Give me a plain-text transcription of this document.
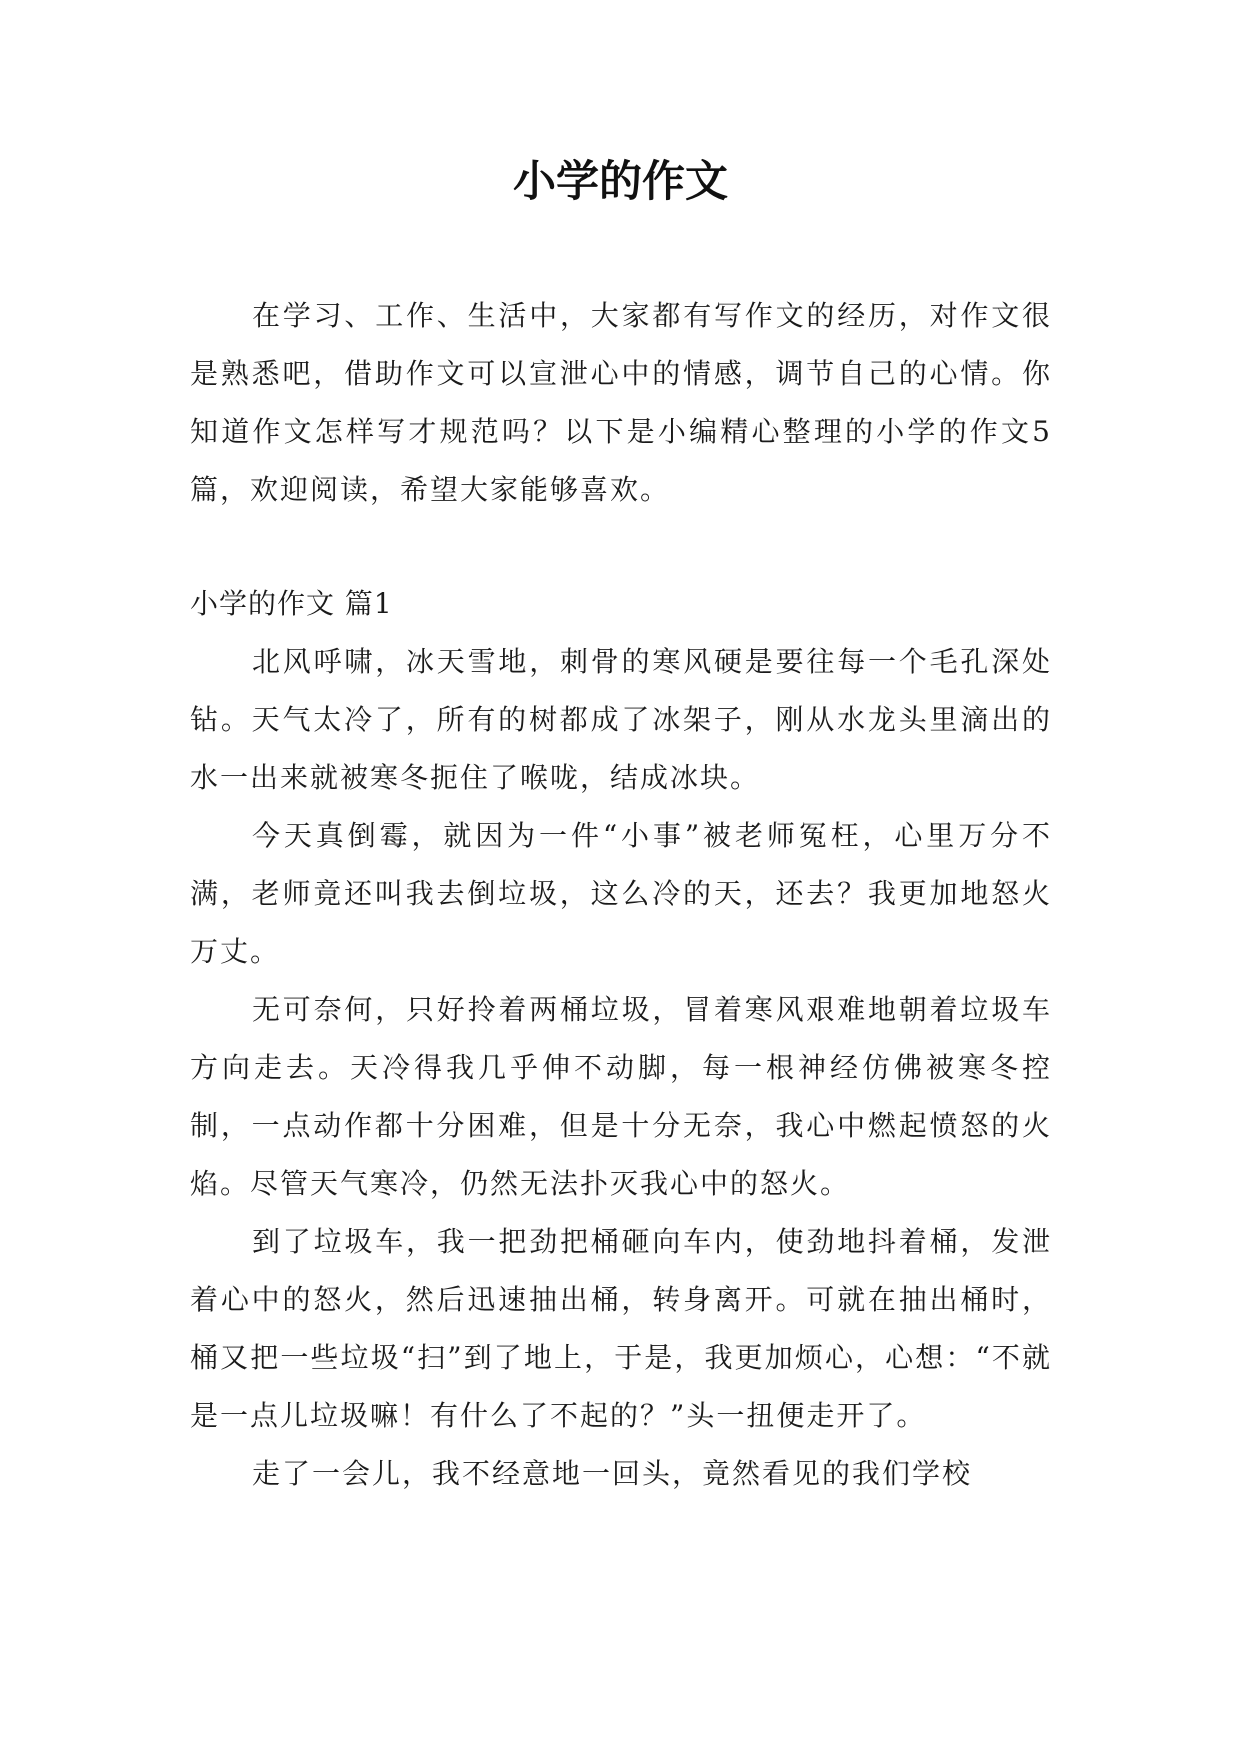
小学的作文

在学习、工作、生活中，大家都有写作文的经历，对作文很是熟悉吧，借助作文可以宣泄心中的情感，调节自己的心情。你知道作文怎样写才规范吗？以下是小编精心整理的小学的作文5篇，欢迎阅读，希望大家能够喜欢。

小学的作文 篇1

北风呼啸，冰天雪地，刺骨的寒风硬是要往每一个毛孔深处钻。天气太冷了，所有的树都成了冰架子，刚从水龙头里滴出的水一出来就被寒冬扼住了喉咙，结成冰块。

今天真倒霉，就因为一件“小事”被老师冤枉，心里万分不满，老师竟还叫我去倒垃圾，这么冷的天，还去？我更加地怒火万丈。

无可奈何，只好拎着两桶垃圾，冒着寒风艰难地朝着垃圾车方向走去。天冷得我几乎伸不动脚，每一根神经仿佛被寒冬控制，一点动作都十分困难，但是十分无奈，我心中燃起愤怒的火焰。尽管天气寒冷，仍然无法扑灭我心中的怒火。

到了垃圾车，我一把劲把桶砸向车内，使劲地抖着桶，发泄着心中的怒火，然后迅速抽出桶，转身离开。可就在抽出桶时，桶又把一些垃圾“扫”到了地上，于是，我更加烦心，心想：“不就是一点儿垃圾嘛！有什么了不起的？”头一扭便走开了。

走了一会儿，我不经意地一回头，竟然看见的我们学校
